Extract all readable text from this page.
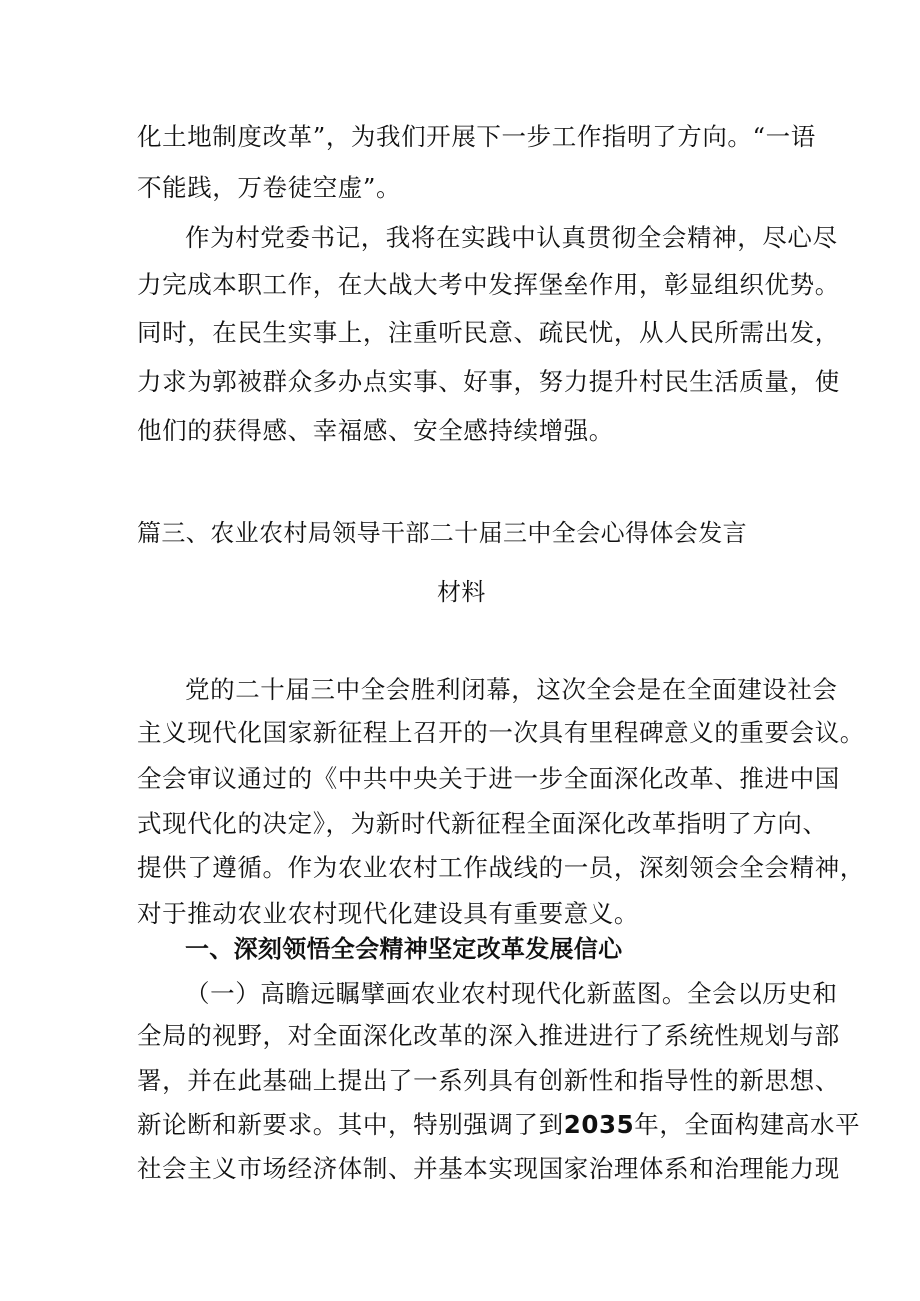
化土地制度改革”，为我们开展下一步工作指明了方向。“一语
不能践，万卷徒空虚”。
作为村党委书记，我将在实践中认真贯彻全会精神，尽心尽
力完成本职工作，在大战大考中发挥堡垒作用，彰显组织优势。
同时，在民生实事上，注重听民意、疏民忧，从人民所需出发，
力求为郭被群众多办点实事、好事，努力提升村民生活质量，使
他们的获得感、幸福感、安全感持续增强。
篇三、农业农村局领导干部二十届三中全会心得体会发言
材料
党的二十届三中全会胜利闭幕，这次全会是在全面建设社会
主义现代化国家新征程上召开的一次具有里程碑意义的重要会议。
全会审议通过的《中共中央关于进一步全面深化改革、推进中国
式现代化的决定》，为新时代新征程全面深化改革指明了方向、
提供了遵循。作为农业农村工作战线的一员，深刻领会全会精神，
对于推动农业农村现代化建设具有重要意义。
一、深刻领悟全会精神坚定改革发展信心
（一）高瞻远瞩擘画农业农村现代化新蓝图。全会以历史和
全局的视野，对全面深化改革的深入推进进行了系统性规划与部
署，并在此基础上提出了一系列具有创新性和指导性的新思想、
新论断和新要求。其中，特别强调了到2035年，全面构建高水平
社会主义市场经济体制、并基本实现国家治理体系和治理能力现
